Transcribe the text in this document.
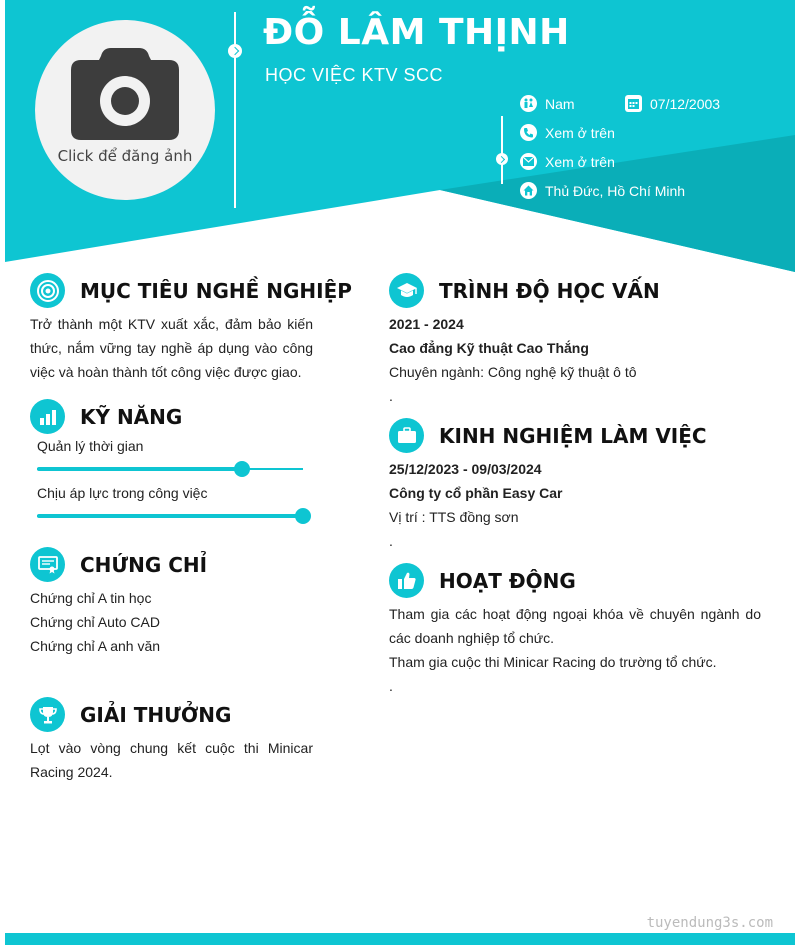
Click để đăng ảnh
ĐỖ LÂM THỊNH
HỌC VIỆC KTV SCC
Nam	07/12/2003
Xem ở trên
Xem ở trên
Thủ Đức, Hồ Chí Minh
MỤC TIÊU NGHỀ NGHIỆP
Trở thành một KTV xuất xắc, đảm bảo kiến thức, nắm vững tay nghề áp dụng vào công việc và hoàn thành tốt công việc được giao.
KỸ NĂNG
Quản lý thời gian
Chịu áp lực trong công việc
CHỨNG CHỈ
Chứng chỉ A tin học
Chứng chỉ Auto CAD
Chứng chỉ A anh văn
GIẢI THƯỞNG
Lọt vào vòng chung kết cuộc thi Minicar Racing 2024.
TRÌNH ĐỘ HỌC VẤN
2021 - 2024
Cao đẳng Kỹ thuật Cao Thắng
Chuyên ngành: Công nghệ kỹ thuật ô tô
.
KINH NGHIỆM LÀM VIỆC
25/12/2023 - 09/03/2024
Công ty cổ phần Easy Car
Vị trí : TTS đồng sơn
.
HOẠT ĐỘNG
Tham gia các hoạt động ngoại khóa về chuyên ngành do các doanh nghiệp tổ chức.
Tham gia cuộc thi Minicar Racing do trường tổ chức.
.
tuyendung3s.com
